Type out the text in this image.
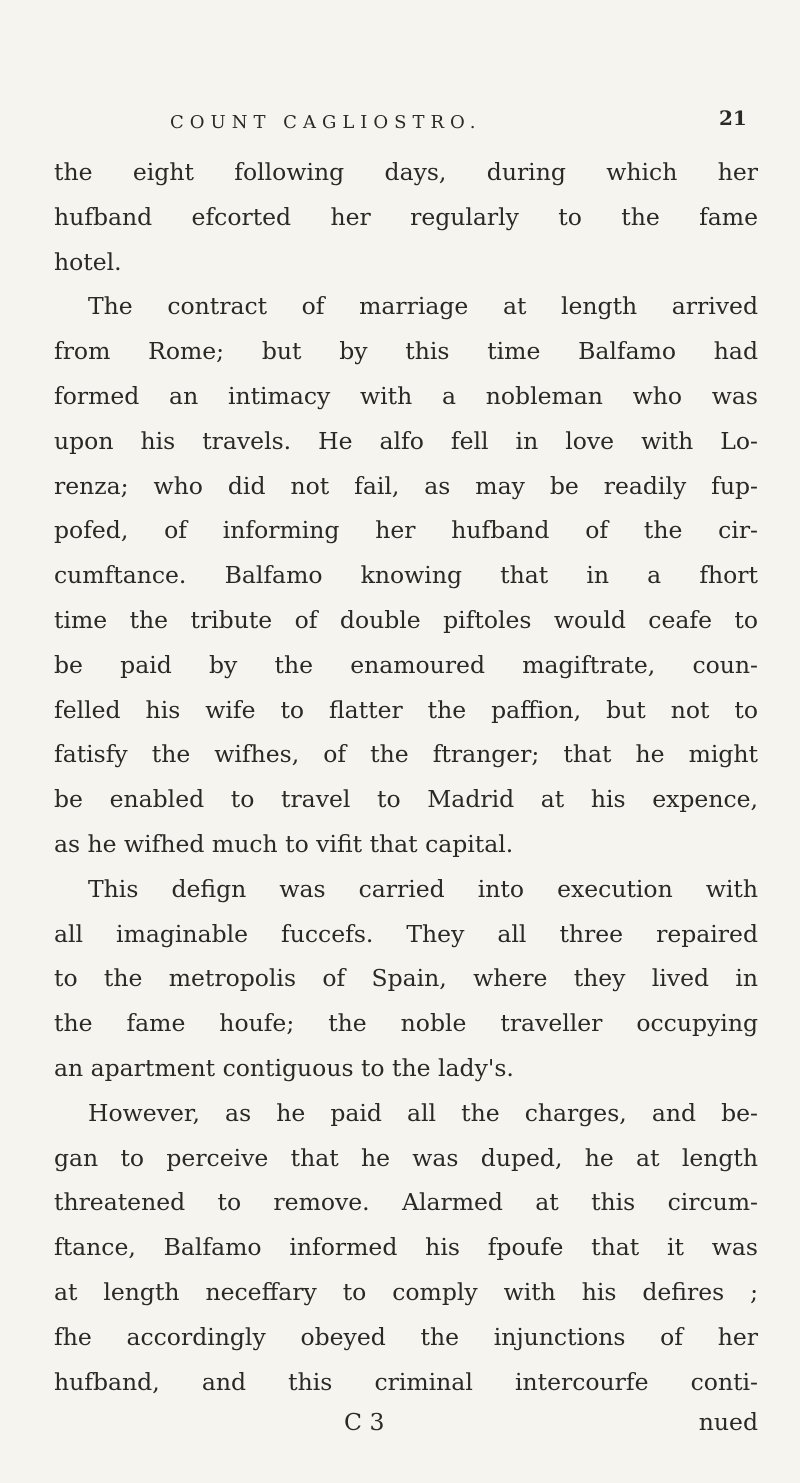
COUNT CAGLIOSTRO.	21
the eight following days, during which her
hufband efcorted her regularly to the fame
hotel.
The contract of marriage at length arrived
from Rome; but by this time Balfamo had
formed an intimacy with a nobleman who was
upon his travels. He alfo fell in love with Lo-
renza; who did not fail, as may be readily fup-
pofed, of informing her hufband of the cir-
cumftance. Balfamo knowing that in a fhort
time the tribute of double piftoles would ceafe to
be paid by the enamoured magiftrate, coun-
felled his wife to flatter the paffion, but not to
fatisfy the wifhes, of the ftranger; that he might
be enabled to travel to Madrid at his expence,
as he wifhed much to vifit that capital.
This defign was carried into execution with
all imaginable fuccefs. They all three repaired
to the metropolis of Spain, where they lived in
the fame houfe; the noble traveller occupying
an apartment contiguous to the lady's.
However, as he paid all the charges, and be-
gan to perceive that he was duped, he at length
threatened to remove. Alarmed at this circum-
ftance, Balfamo informed his fpoufe that it was
at length neceffary to comply with his defires ;
fhe accordingly obeyed the injunctions of her
hufband, and this criminal intercourfe conti-
C 3	nued
